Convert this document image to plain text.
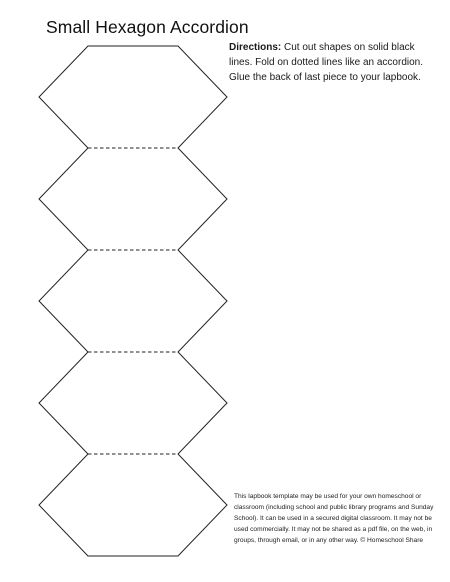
Small Hexagon Accordion
Directions: Cut out shapes on solid black lines. Fold on dotted lines like an accordion. Glue the back of last piece to your lapbook.
This lapbook template may be used for your own homeschool or classroom (including school and public library programs and Sunday School). It can be used in a secured digital classroom. It may not be used commercially. It may not be shared as a pdf file, on the web, in groups, through email, or in any other way. © Homeschool Share
